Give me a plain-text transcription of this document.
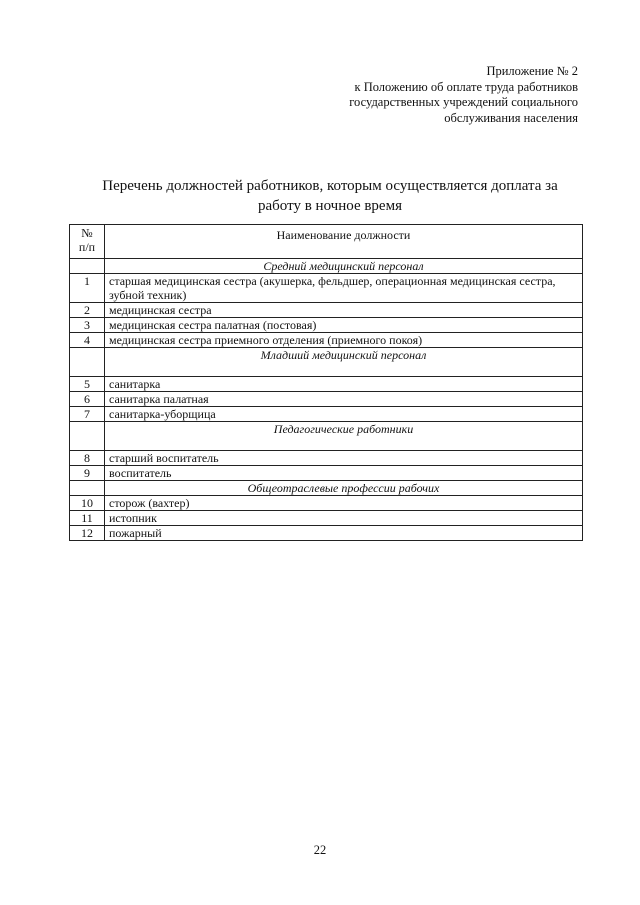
Приложение № 2
к Положению об оплате труда работников
государственных учреждений социального
обслуживания населения
Перечень должностей работников, которым осуществляется доплата за
работу в ночное время
№
п/п	Наименование должности
	Средний медицинский персонал
1	старшая медицинская сестра (акушерка, фельдшер, операционная медицинская сестра, зубной техник)
2	медицинская сестра
3	медицинская сестра палатная (постовая)
4	медицинская сестра приемного отделения (приемного покоя)
	Младший медицинский персонал
5	санитарка
6	санитарка палатная
7	санитарка-уборщица
	Педагогические работники
8	старший воспитатель
9	воспитатель
	Общеотраслевые профессии рабочих
10	сторож (вахтер)
11	истопник
12	пожарный
22
